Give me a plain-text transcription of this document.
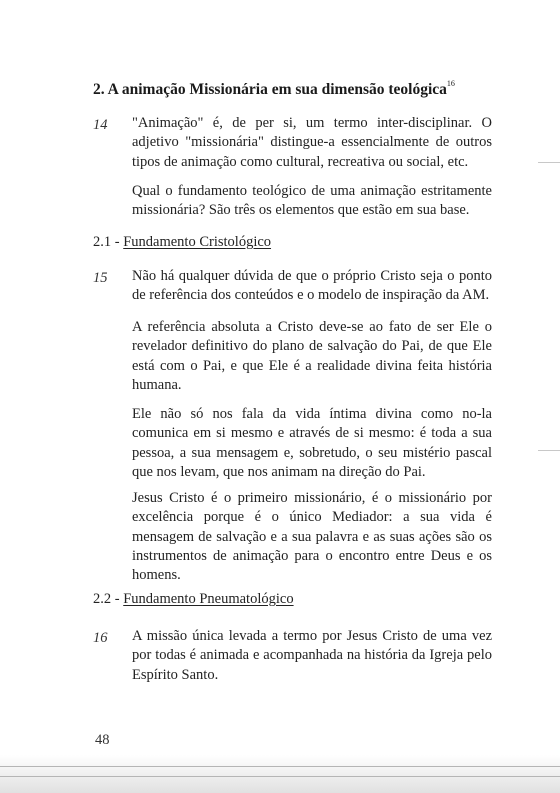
2. A animação Missionária em sua dimensão teológica$^{16}$
14 "Animação" é, de per si, um termo inter-disciplinar. O adjetivo "missionária" distingue-a essencialmente de outros tipos de animação como cultural, recreativa ou social, etc.
Qual o fundamento teológico de uma animação estritamente missionária? São três os elementos que estão em sua base.
2.1 - Fundamento Cristológico
15 Não há qualquer dúvida de que o próprio Cristo seja o ponto de referência dos conteúdos e o modelo de inspiração da AM.
A referência absoluta a Cristo deve-se ao fato de ser Ele o revelador definitivo do plano de salvação do Pai, de que Ele está com o Pai, e que Ele é a realidade divina feita história humana.
Ele não só nos fala da vida íntima divina como no-la comunica em si mesmo e através de si mesmo: é toda a sua pessoa, a sua mensagem e, sobretudo, o seu mistério pascal que nos levam, que nos animam na direção do Pai.
Jesus Cristo é o primeiro missionário, é o missionário por excelência porque é o único Mediador: a sua vida é mensagem de salvação e a sua palavra e as suas ações são os instrumentos de animação para o encontro entre Deus e os homens.
2.2 - Fundamento Pneumatológico
16 A missão única levada a termo por Jesus Cristo de uma vez por todas é animada e acompanhada na história da Igreja pelo Espírito Santo.
48
